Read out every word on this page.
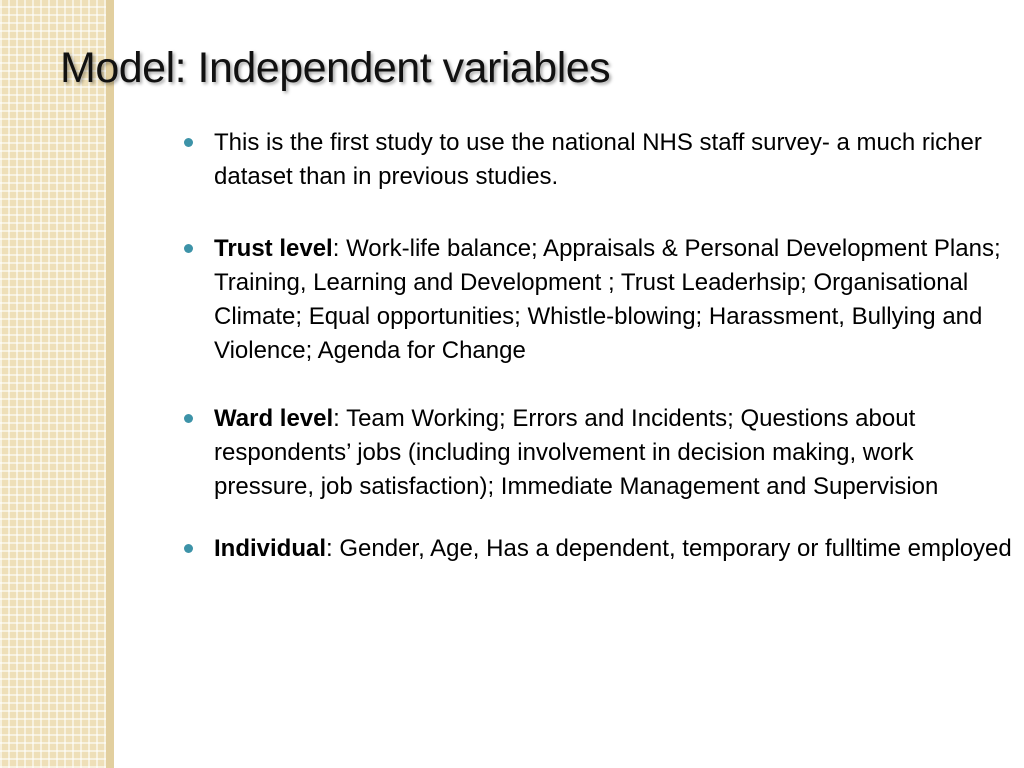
Model: Independent variables
This is the first study to use the national NHS staff survey- a much richer dataset than in previous studies.
Trust level: Work-life balance; Appraisals & Personal Development Plans; Training, Learning and Development ; Trust Leaderhsip; Organisational Climate; Equal opportunities; Whistle-blowing; Harassment, Bullying and Violence; Agenda for Change
Ward level: Team Working; Errors and Incidents; Questions about respondents’ jobs (including involvement in decision making, work pressure, job satisfaction); Immediate Management and Supervision
Individual: Gender, Age, Has a dependent, temporary or fulltime employed
